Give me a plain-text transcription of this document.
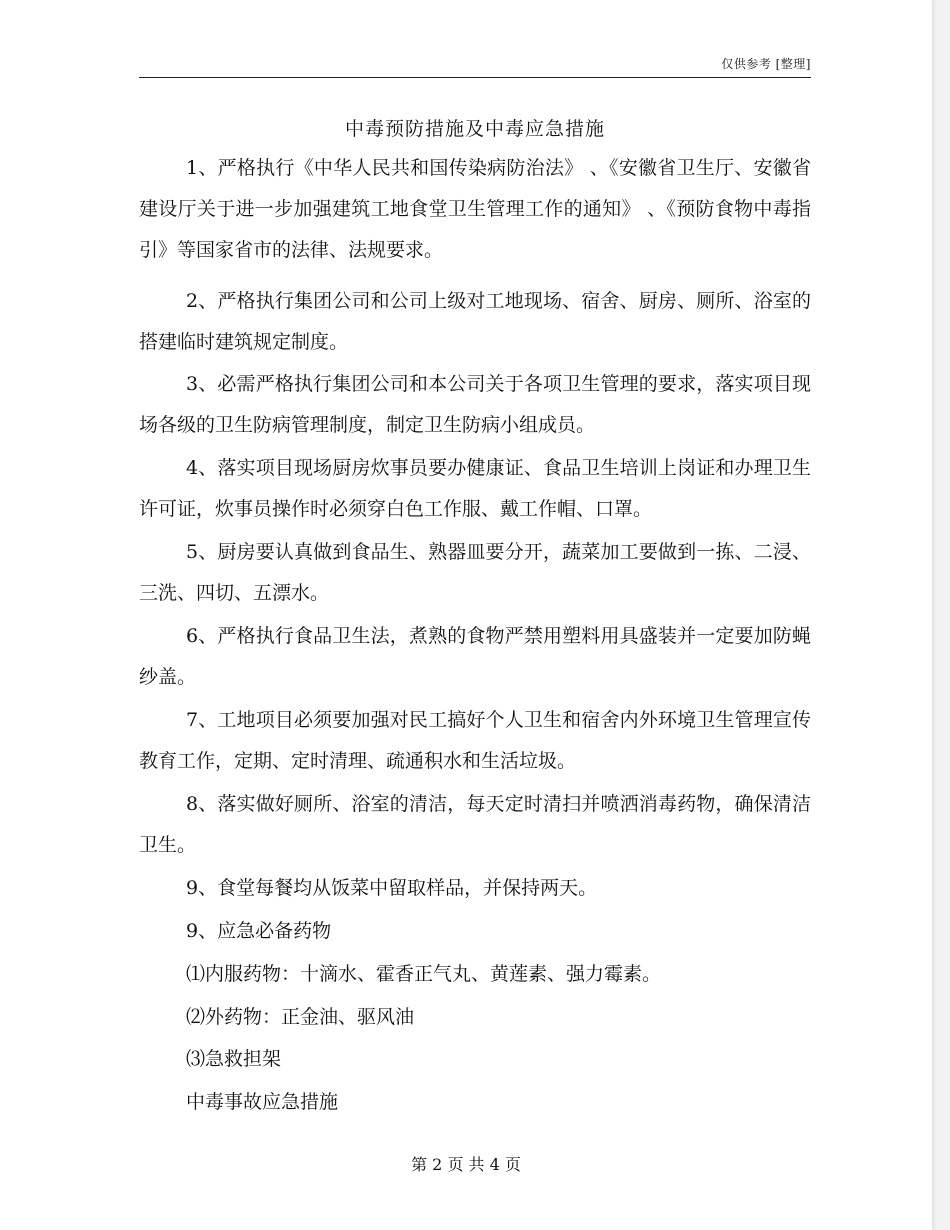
仅供参考 [整理]
中毒预防措施及中毒应急措施
1、严格执行《中华人民共和国传染病防治法》 、《安徽省卫生厅、安徽省建设厅关于进一步加强建筑工地食堂卫生管理工作的通知》 、《预防食物中毒指引》等国家省市的法律、法规要求。
2、严格执行集团公司和公司上级对工地现场、宿舍、厨房、厕所、浴室的搭建临时建筑规定制度。
3、必需严格执行集团公司和本公司关于各项卫生管理的要求，落实项目现场各级的卫生防病管理制度，制定卫生防病小组成员。
4、落实项目现场厨房炊事员要办健康证、食品卫生培训上岗证和办理卫生许可证，炊事员操作时必须穿白色工作服、戴工作帽、口罩。
5、厨房要认真做到食品生、熟器皿要分开，蔬菜加工要做到一拣、二浸、三洗、四切、五漂水。
6、严格执行食品卫生法，煮熟的食物严禁用塑料用具盛装并一定要加防蝇纱盖。
7、工地项目必须要加强对民工搞好个人卫生和宿舍内外环境卫生管理宣传教育工作，定期、定时清理、疏通积水和生活垃圾。
8、落实做好厕所、浴室的清洁，每天定时清扫并喷洒消毒药物，确保清洁卫生。
9、食堂每餐均从饭菜中留取样品，并保持两天。
9、应急必备药物
⑴内服药物：十滴水、霍香正气丸、黄莲素、强力霉素。
⑵外药物：正金油、驱风油
⑶急救担架
中毒事故应急措施
第 2 页 共 4 页
